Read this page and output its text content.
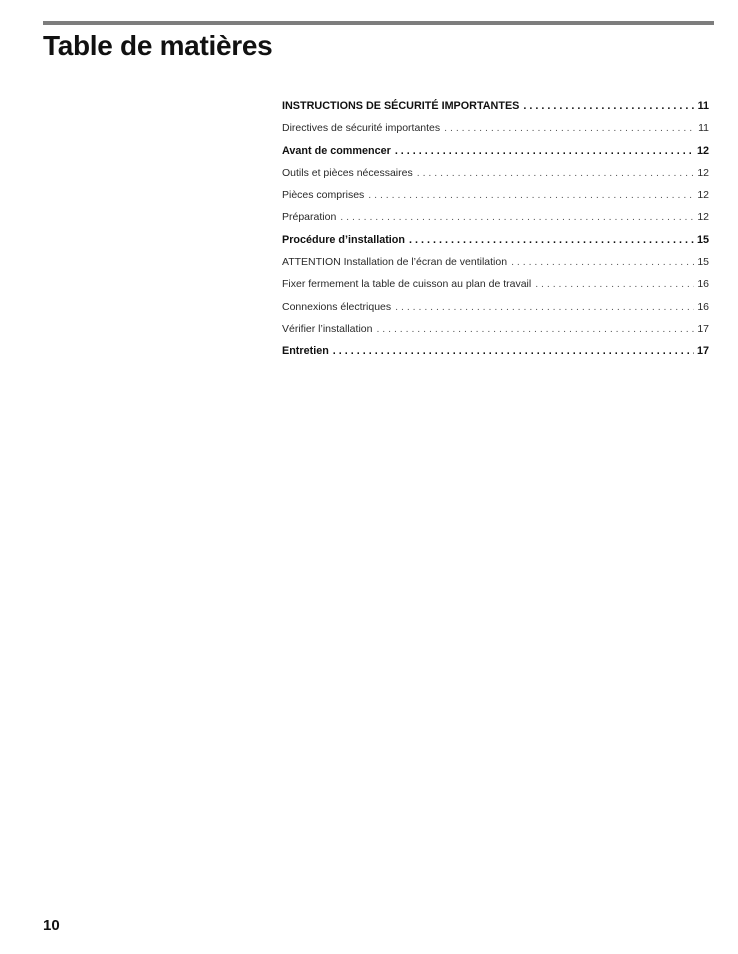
Table de matières
INSTRUCTIONS DE SÉCURITÉ IMPORTANTES . . .	11
Directives de sécurité importantes . . .	11
Avant de commencer . . .	12
Outils et pièces nécessaires . . .	12
Pièces comprises . . .	12
Préparation . . .	12
Procédure d’installation . . .	15
ATTENTION Installation de l’écran de ventilation . . .	15
Fixer fermement la table de cuisson au plan de travail . . .	16
Connexions électriques . . .	16
Vérifier l’installation . . .	17
Entretien . . .	17
10
